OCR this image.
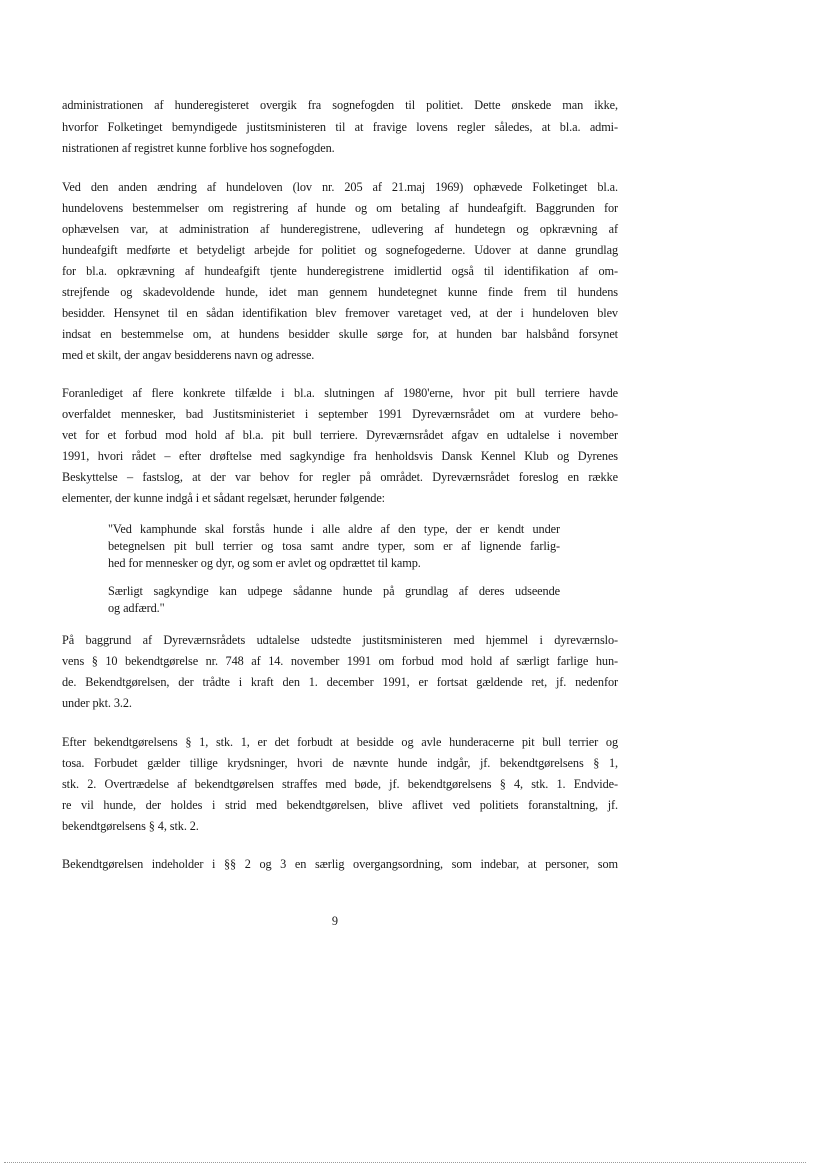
administrationen af hunderegisteret overgik fra sognefogden til politiet. Dette ønskede man ikke,
hvorfor Folketinget bemyndigede justitsministeren til at fravige lovens regler således, at bl.a. admi-
nistrationen af registret kunne forblive hos sognefogden.
Ved den anden ændring af hundeloven (lov nr. 205 af 21.maj 1969) ophævede Folketinget bl.a.
hundelovens bestemmelser om registrering af hunde og om betaling af hundeafgift. Baggrunden for
ophævelsen var, at administration af hunderegistrene, udlevering af hundetegn og opkrævning af
hundeafgift medførte et betydeligt arbejde for politiet og sognefogederne. Udover at danne grundlag
for bl.a. opkrævning af hundeafgift tjente hunderegistrene imidlertid også til identifikation af om-
strejfende og skadevoldende hunde, idet man gennem hundetegnet kunne finde frem til hundens
besidder. Hensynet til en sådan identifikation blev fremover varetaget ved, at der i hundeloven blev
indsat en bestemmelse om, at hundens besidder skulle sørge for, at hunden bar halsbånd forsynet
med et skilt, der angav besidderens navn og adresse.
Foranlediget af flere konkrete tilfælde i bl.a. slutningen af 1980'erne, hvor pit bull terriere havde
overfaldet mennesker, bad Justitsministeriet i september 1991 Dyreværnsrådet om at vurdere beho-
vet for et forbud mod hold af bl.a. pit bull terriere. Dyreværnsrådet afgav en udtalelse i november
1991, hvori rådet – efter drøftelse med sagkyndige fra henholdsvis Dansk Kennel Klub og Dyrenes
Beskyttelse – fastslog, at der var behov for regler på området. Dyreværnsrådet foreslog en række
elementer, der kunne indgå i et sådant regelsæt, herunder følgende:
"Ved kamphunde skal forstås hunde i alle aldre af den type, der er kendt under
betegnelsen pit bull terrier og tosa samt andre typer, som er af lignende farlig-
hed for mennesker og dyr, og som er avlet og opdrættet til kamp.
Særligt sagkyndige kan udpege sådanne hunde på grundlag af deres udseende
og adfærd."
På baggrund af Dyreværnsrådets udtalelse udstedte justitsministeren med hjemmel i dyreværnslo-
vens § 10 bekendtgørelse nr. 748 af 14. november 1991 om forbud mod hold af særligt farlige hun-
de. Bekendtgørelsen, der trådte i kraft den 1. december 1991, er fortsat gældende ret, jf. nedenfor
under pkt. 3.2.
Efter bekendtgørelsens § 1, stk. 1, er det forbudt at besidde og avle hunderacerne pit bull terrier og
tosa. Forbudet gælder tillige krydsninger, hvori de nævnte hunde indgår, jf. bekendtgørelsens § 1,
stk. 2. Overtrædelse af bekendtgørelsen straffes med bøde, jf. bekendtgørelsens § 4, stk. 1. Endvide-
re vil hunde, der holdes i strid med bekendtgørelsen, blive aflivet ved politiets foranstaltning, jf.
bekendtgørelsens § 4, stk. 2.
Bekendtgørelsen indeholder i §§ 2 og 3 en særlig overgangsordning, som indebar, at personer, som
9
